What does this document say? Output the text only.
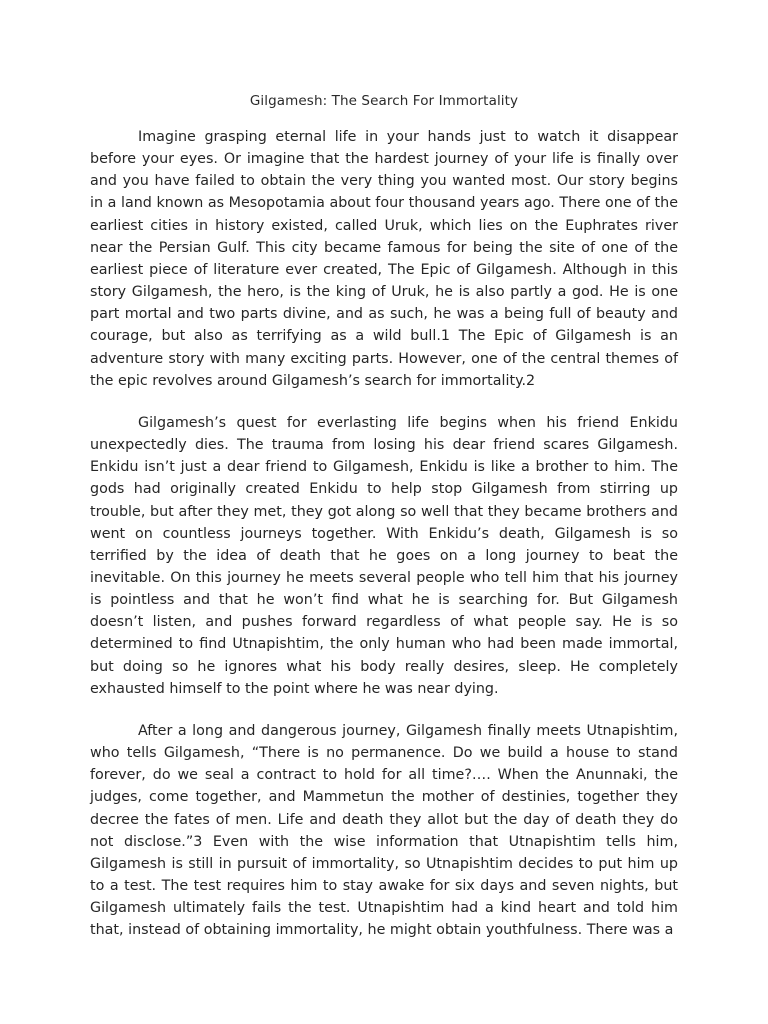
Gilgamesh: The Search For Immortality

Imagine grasping eternal life in your hands just to watch it disappear before your eyes. Or imagine that the hardest journey of your life is finally over and you have failed to obtain the very thing you wanted most. Our story begins in a land known as Mesopotamia about four thousand years ago. There one of the earliest cities in history existed, called Uruk, which lies on the Euphrates river near the Persian Gulf. This city became famous for being the site of one of the earliest piece of literature ever created, The Epic of Gilgamesh. Although in this story Gilgamesh, the hero, is the king of Uruk, he is also partly a god. He is one part mortal and two parts divine, and as such, he was a being full of beauty and courage, but also as terrifying as a wild bull.1 The Epic of Gilgamesh is an adventure story with many exciting parts. However, one of the central themes of the epic revolves around Gilgamesh’s search for immortality.2

Gilgamesh’s quest for everlasting life begins when his friend Enkidu unexpectedly dies. The trauma from losing his dear friend scares Gilgamesh. Enkidu isn’t just a dear friend to Gilgamesh, Enkidu is like a brother to him. The gods had originally created Enkidu to help stop Gilgamesh from stirring up trouble, but after they met, they got along so well that they became brothers and went on countless journeys together. With Enkidu’s death, Gilgamesh is so terrified by the idea of death that he goes on a long journey to beat the inevitable. On this journey he meets several people who tell him that his journey is pointless and that he won’t find what he is searching for. But Gilgamesh doesn’t listen, and pushes forward regardless of what people say. He is so determined to find Utnapishtim, the only human who had been made immortal, but doing so he ignores what his body really desires, sleep. He completely exhausted himself to the point where he was near dying.

After a long and dangerous journey, Gilgamesh finally meets Utnapishtim, who tells Gilgamesh, “There is no permanence. Do we build a house to stand forever, do we seal a contract to hold for all time?…. When the Anunnaki, the judges, come together, and Mammetun the mother of destinies, together they decree the fates of men. Life and death they allot but the day of death they do not disclose.”3 Even with the wise information that Utnapishtim tells him, Gilgamesh is still in pursuit of immortality, so Utnapishtim decides to put him up to a test. The test requires him to stay awake for six days and seven nights, but Gilgamesh ultimately fails the test. Utnapishtim had a kind heart and told him that, instead of obtaining immortality, he might obtain youthfulness. There was a
